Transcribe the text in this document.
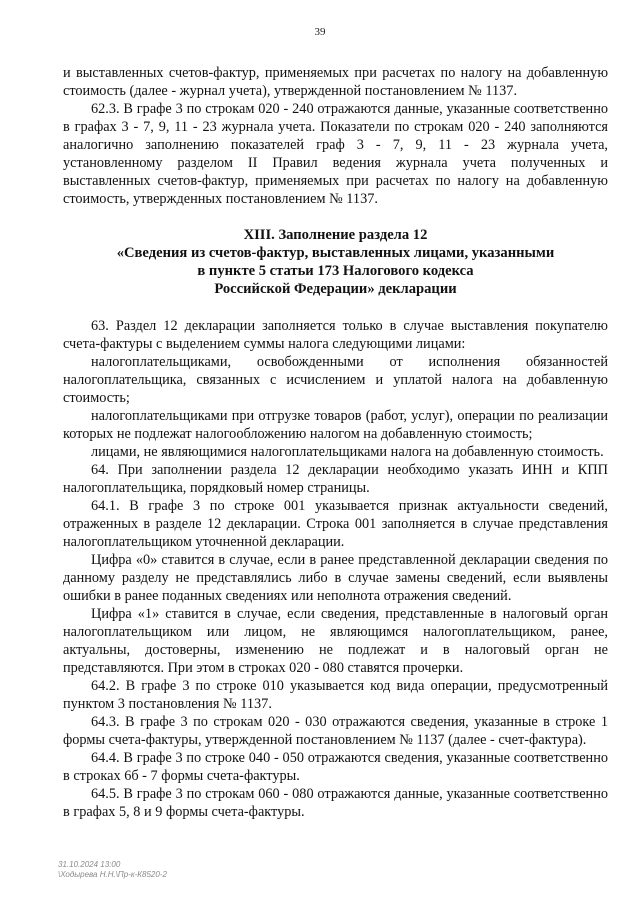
39

и выставленных счетов-фактур, применяемых при расчетах по налогу на добавленную стоимость (далее - журнал учета), утвержденной постановлением № 1137.

62.3. В графе 3 по строкам 020 - 240 отражаются данные, указанные соответственно в графах 3 - 7, 9, 11 - 23 журнала учета. Показатели по строкам 020 - 240 заполняются аналогично заполнению показателей граф 3 - 7, 9, 11 - 23 журнала учета, установленному разделом II Правил ведения журнала учета полученных и выставленных счетов-фактур, применяемых при расчетах по налогу на добавленную стоимость, утвержденных постановлением № 1137.

XIII. Заполнение раздела 12
«Сведения из счетов-фактур, выставленных лицами, указанными
в пункте 5 статьи 173 Налогового кодекса
Российской Федерации» декларации

63. Раздел 12 декларации заполняется только в случае выставления покупателю счета-фактуры с выделением суммы налога следующими лицами:

налогоплательщиками, освобожденными от исполнения обязанностей налогоплательщика, связанных с исчислением и уплатой налога на добавленную стоимость;

налогоплательщиками при отгрузке товаров (работ, услуг), операции по реализации которых не подлежат налогообложению налогом на добавленную стоимость;

лицами, не являющимися налогоплательщиками налога на добавленную стоимость.

64. При заполнении раздела 12 декларации необходимо указать ИНН и КПП налогоплательщика, порядковый номер страницы.

64.1. В графе 3 по строке 001 указывается признак актуальности сведений, отраженных в разделе 12 декларации. Строка 001 заполняется в случае представления налогоплательщиком уточненной декларации.

Цифра «0» ставится в случае, если в ранее представленной декларации сведения по данному разделу не представлялись либо в случае замены сведений, если выявлены ошибки в ранее поданных сведениях или неполнота отражения сведений.

Цифра «1» ставится в случае, если сведения, представленные в налоговый орган налогоплательщиком или лицом, не являющимся налогоплательщиком, ранее, актуальны, достоверны, изменению не подлежат и в налоговый орган не представляются. При этом в строках 020 - 080 ставятся прочерки.

64.2. В графе 3 по строке 010 указывается код вида операции, предусмотренный пунктом 3 постановления № 1137.

64.3. В графе 3 по строкам 020 - 030 отражаются сведения, указанные в строке 1 формы счета-фактуры, утвержденной постановлением № 1137 (далее - счет-фактура).

64.4. В графе 3 по строке 040 - 050 отражаются сведения, указанные соответственно в строках 6б - 7 формы счета-фактуры.

64.5. В графе 3 по строкам 060 - 080 отражаются данные, указанные соответственно в графах 5, 8 и 9 формы счета-фактуры.

31.10.2024 13:00
\Ходырева Н.Н.\Пр-к-К8520-2
